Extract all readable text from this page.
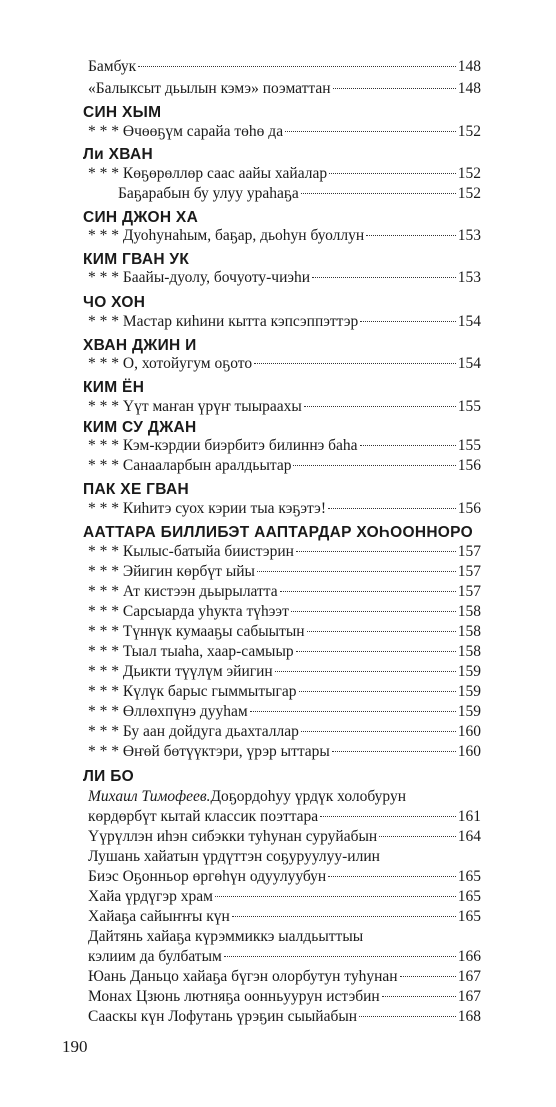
Бамбук	148
«Балыксыт дьылын кэмэ» поэматтан	148
СИН ХЫМ
* * * Өчөөҕүм сарайа төһө да	152
Ли ХВАН
* * * Көҕөрөллөр саас аайы хайалар	152
Баҕарабын бу улуу ураһаҕа	152
СИН ДЖОН ХА
* * * Дуоһунаһым, баҕар, дьоһун буоллун	153
КИМ ГВАН УК
* * * Баайы-дуолу, бочуоту-чиэһи	153
ЧО ХОН
* * * Мастар киһини кытта кэпсэппэттэр	154
ХВАН ДЖИН И
* * * О, хотойугум оҕото	154
КИМ ЁН
* * * Үүт маҥан үрүҥ тыыраахы	155
КИМ СУ ДЖАН
* * * Кэм-кэрдии биэрбитэ билиннэ баһа	155
* * * Санааларбын аралдьытар	156
ПАК ХЕ ГВАН
* * * Киһитэ суох кэрии тыа кэҕэтэ!	156
ААТТАРА БИЛЛИБЭТ ААПТАРДАР ХОҺООННОРО
* * * Кылыс-батыйа биистэрин	157
* * * Эйигин көрбүт ыйы	157
* * * Ат кистээн дьырылатта	157
* * * Сарсыарда уһукта түһээт	158
* * * Түннүк кумааҕы сабыытын	158
* * * Тыал тыаһа, хаар-самыыр	158
* * * Дьикти түүлүм эйигин	159
* * * Күлүк барыс гыммытыгар	159
* * * Өллөхпүнэ дууһам	159
* * * Бу аан дойдуга дьахталлар	160
* * * Өҥөй бөтүүктэри, үрэр ыттары	160
ЛИ БО
Михаил Тимофеев. Доҕордоһуу үрдүк холобурун
көрдөрбүт кытай классик поэттара	161
Үүрүллэн иһэн сибэкки туһунан суруйабын	164
Лушань хайатын үрдүттэн соҕуруулуу-илин
Биэс Оҕонньор өргөһүн одуулуубун	165
Хайа үрдүгэр храм	165
Хайаҕа сайыҥҥы күн	165
Дайтянь хайаҕа күрэммиккэ ыалдьыттыы
кэлиим да булбатым	166
Юань Даньцо хайаҕа бүгэн олорбутун туһунан	167
Монах Цзюнь лютняҕа оонньуурун истэбин	167
Саaскы күн Лофутань үрэҕин сыыйабын	168
190
